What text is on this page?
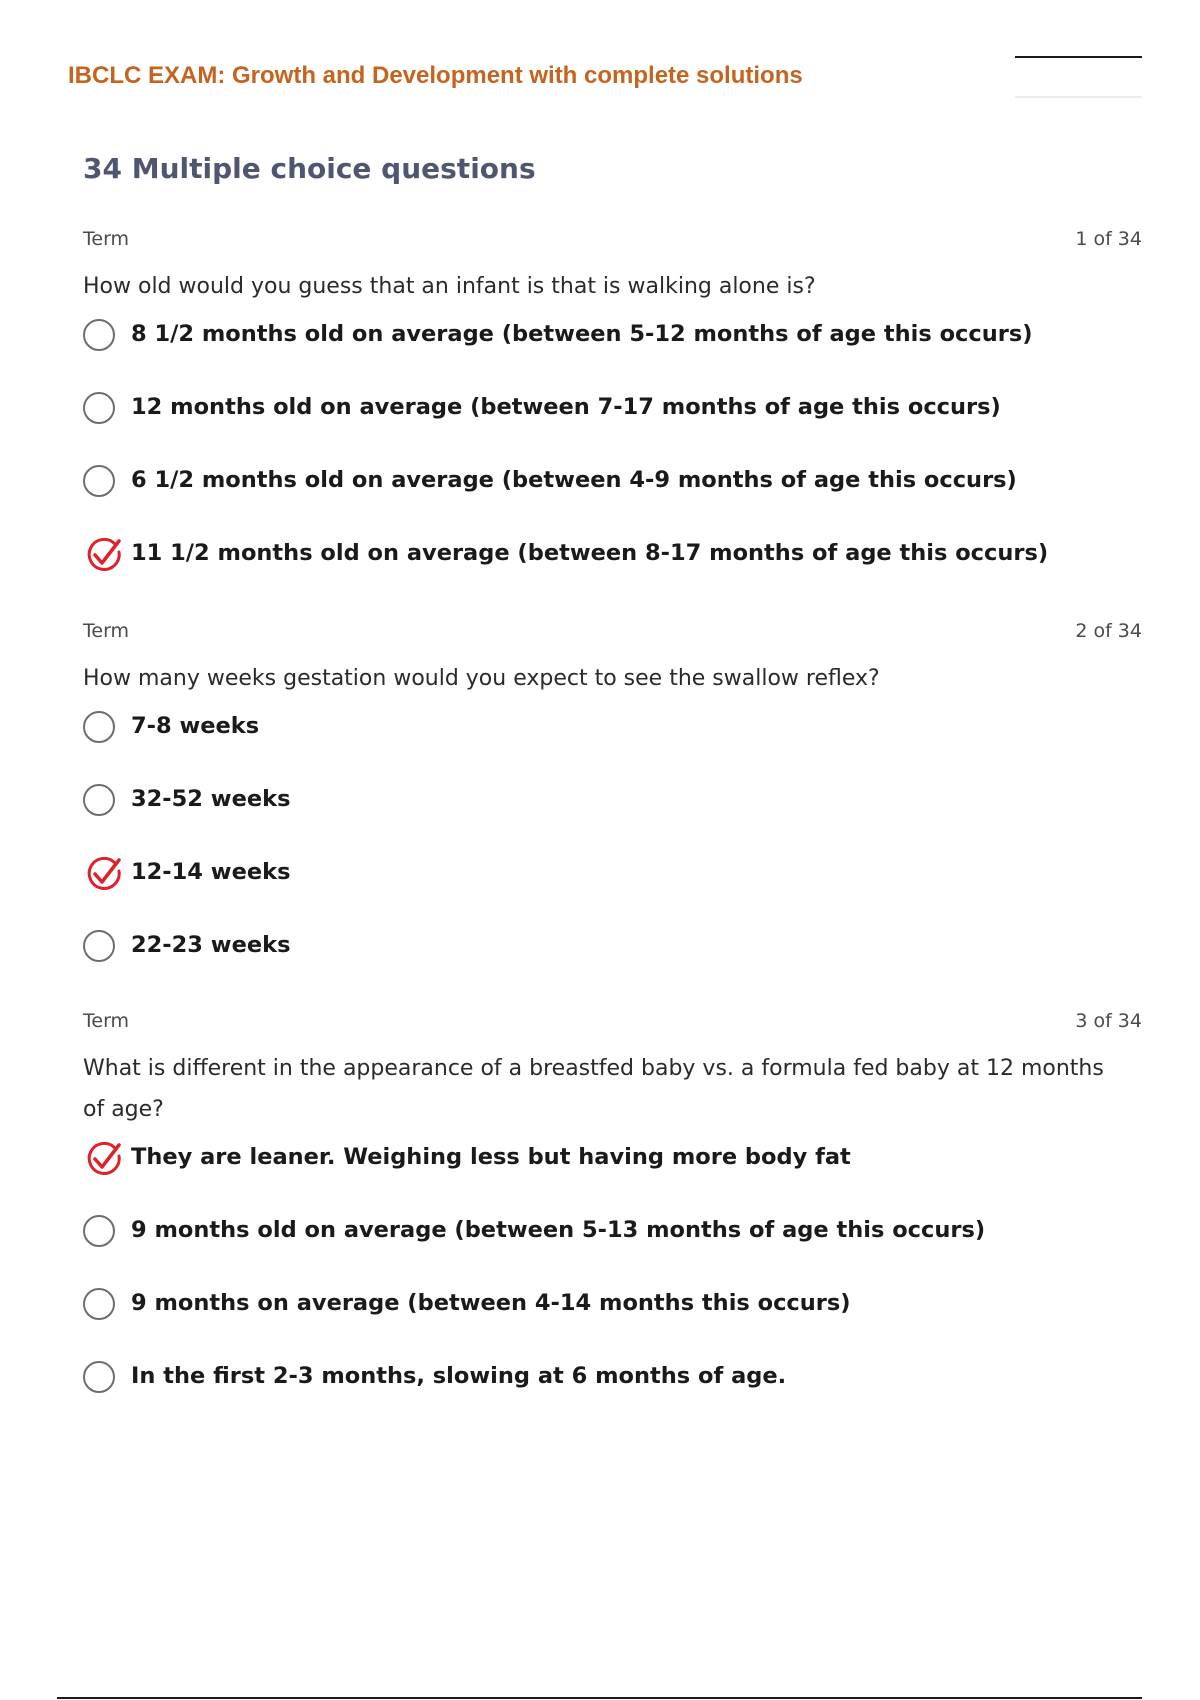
IBCLC EXAM: Growth and Development with complete solutions
34 Multiple choice questions
Term	1 of 34
How old would you guess that an infant is that is walking alone is?
8 1/2 months old on average (between 5-12 months of age this occurs)
12 months old on average (between 7-17 months of age this occurs)
6 1/2 months old on average (between 4-9 months of age this occurs)
11 1/2 months old on average (between 8-17 months of age this occurs)
Term	2 of 34
How many weeks gestation would you expect to see the swallow reflex?
7-8 weeks
32-52 weeks
12-14 weeks
22-23 weeks
Term	3 of 34
What is different in the appearance of a breastfed baby vs. a formula fed baby at 12 months of age?
They are leaner. Weighing less but having more body fat
9 months old on average (between 5-13 months of age this occurs)
9 months on average (between 4-14 months this occurs)
In the first 2-3 months, slowing at 6 months of age.
